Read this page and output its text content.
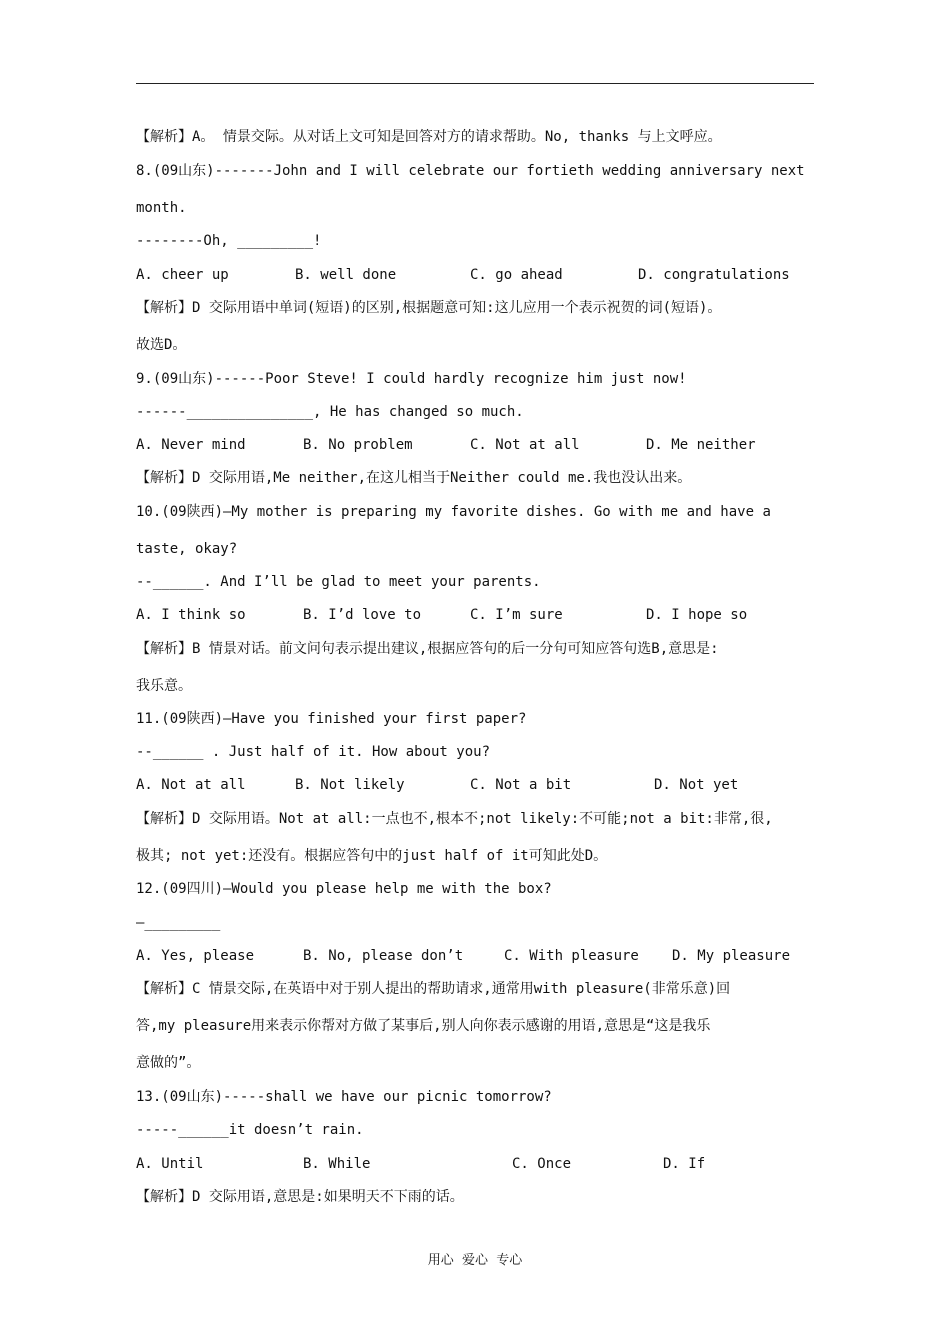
【解析】A。 情景交际。从对话上文可知是回答对方的请求帮助。No, thanks 与上文呼应。
8.(09山东)-------John and I will celebrate our fortieth wedding anniversary next
month.
--------Oh, _________!
A. cheer up	B. well done	C. go ahead	D. congratulations
【解析】D 交际用语中单词(短语)的区别,根据题意可知:这儿应用一个表示祝贺的词(短语)。
故选D。
9.(09山东)------Poor Steve! I could hardly recognize him just now!
------_______________, He has changed so much.
A. Never mind	B. No problem	C. Not at all	D. Me neither
【解析】D 交际用语,Me neither,在这儿相当于Neither could me.我也没认出来。
10.(09陕西)—My mother is preparing my favorite dishes. Go with me and have a
taste, okay?
--______. And I’ll be glad to meet your parents.
A. I think so	B. I’d love to	C. I’m sure	D. I hope so
【解析】B 情景对话。前文问句表示提出建议,根据应答句的后一分句可知应答句选B,意思是:
我乐意。
11.(09陕西)—Have you finished your first paper?
--______ . Just half of it. How about you?
A. Not at all	B. Not likely	C. Not a bit	D. Not yet
【解析】D 交际用语。Not at all:一点也不,根本不;not likely:不可能;not a bit:非常,很,
极其; not yet:还没有。根据应答句中的just half of it可知此处D。
12.(09四川)—Would you please help me with the box?
—_________
A. Yes, please	B. No, please don’t	C. With pleasure D. My pleasure
【解析】C 情景交际,在英语中对于别人提出的帮助请求,通常用with pleasure(非常乐意)回
答,my pleasure用来表示你帮对方做了某事后,别人向你表示感谢的用语,意思是“这是我乐
意做的”。
13.(09山东)-----shall we have our picnic tomorrow?
-----______it doesn’t rain.
A. Until	B. While	C. Once	D. If
【解析】D 交际用语,意思是:如果明天不下雨的话。
用心  爱心  专心
